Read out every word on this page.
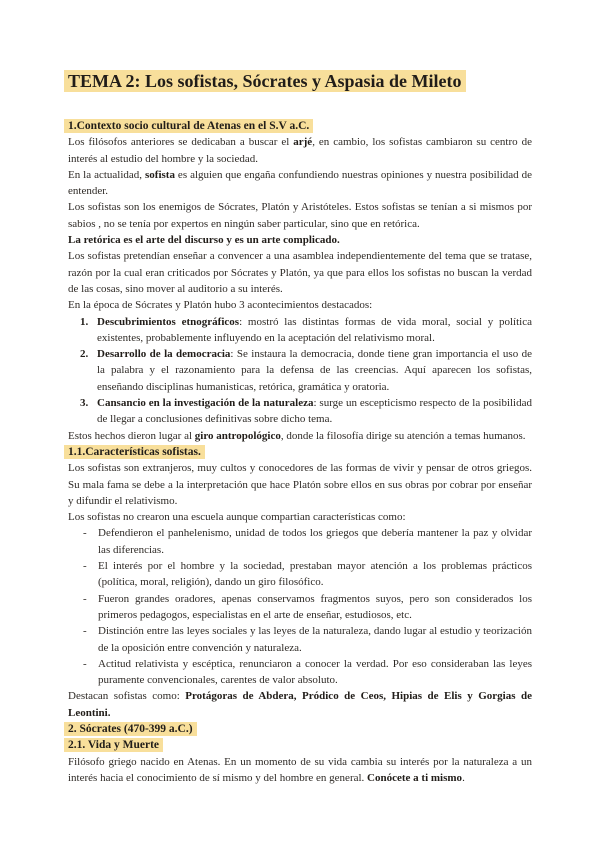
TEMA 2: Los sofistas, Sócrates y Aspasia de Mileto
1.Contexto socio cultural de Atenas en el S.V a.C.

Los filósofos anteriores se dedicaban a buscar el arjé, en cambio, los sofistas cambiaron su centro de interés al estudio del hombre y la sociedad.

En la actualidad, sofista es alguien que engaña confundiendo nuestras opiniones y nuestra posibilidad de entender.

Los sofistas son los enemigos de Sócrates, Platón y Aristóteles. Estos sofistas se tenían a si mismos por sabios , no se tenía por expertos en ningún saber particular, sino que en retórica.

La retórica es el arte del discurso y es un arte complicado.

Los sofistas pretendían enseñar a convencer a una asamblea independientemente del tema que se tratase, razón por la cual eran criticados por Sócrates y Platón, ya que para ellos los sofistas no buscan la verdad de las cosas, sino mover al auditorio a su interés.

En la época de Sócrates y Platón hubo 3 acontecimientos destacados:

1. Descubrimientos etnográficos: mostró las distintas formas de vida moral, social y política existentes, probablemente influyendo en la aceptación del relativismo moral.
2. Desarrollo de la democracia: Se instaura la democracia, donde tiene gran importancia el uso de la palabra y el razonamiento para la defensa de las creencias. Aquí aparecen los sofistas, enseñando disciplinas humanisticas, retórica, gramática y oratoria.
3. Cansancio en la investigación de la naturaleza: surge un escepticismo respecto de la posibilidad de llegar a conclusiones definitivas sobre dicho tema.

Estos hechos dieron lugar al giro antropológico, donde la filosofía dirige su atención a temas humanos.

1.1.Características sofistas.

Los sofistas son extranjeros, muy cultos y conocedores de las formas de vivir y pensar de otros griegos. Su mala fama se debe a la interpretación que hace Platón sobre ellos en sus obras por cobrar por enseñar y difundir el relativismo.

Los sofistas no crearon una escuela aunque compartian características como:

-	Defendieron el panhelenismo, unidad de todos los griegos que debería mantener la paz y olvidar las diferencias.
-	El interés por el hombre y la sociedad, prestaban mayor atención a los problemas prácticos (política, moral, religión), dando un giro filosófico.
-	Fueron grandes oradores, apenas conservamos fragmentos suyos, pero son considerados los primeros pedagogos, especialistas en el arte de enseñar, estudiosos, etc.
-	Distinción entre las leyes sociales y las leyes de la naturaleza, dando lugar al estudio y teorización de la oposición entre convención y naturaleza.
-	Actitud relativista y escéptica, renunciaron a conocer la verdad. Por eso consideraban las leyes puramente convencionales, carentes de valor absoluto.

Destacan sofistas como: Protágoras de Abdera, Pródico de Ceos, Hipias de Elis y Gorgias de Leontini.

2. Sócrates (470-399 a.C.)
2.1. Vida y Muerte

Filósofo griego nacido en Atenas. En un momento de su vida cambia su interés por la naturaleza a un interés hacia el conocimiento de sí mismo y del hombre en general. Conócete a ti mismo.
